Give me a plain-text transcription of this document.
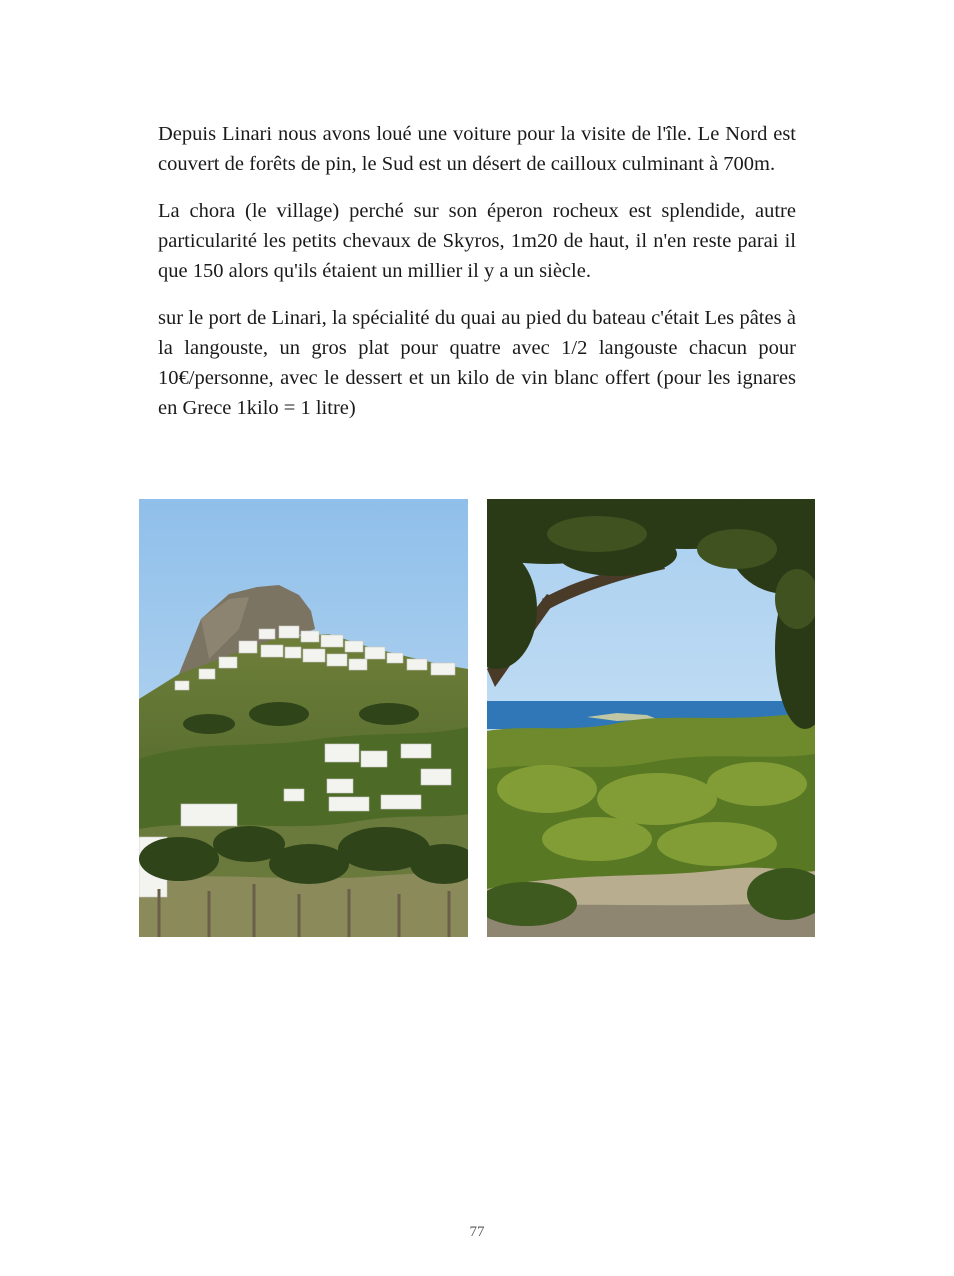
Depuis Linari nous avons loué une voiture pour la visite de l'île. Le Nord est couvert de forêts de pin, le Sud est un désert de cailloux culminant à 700m.

La chora (le village) perché sur son éperon rocheux est splendide, autre particularité les petits chevaux de Skyros, 1m20 de haut, il n'en reste parai il que 150 alors qu'ils étaient un millier il y a un siècle.

sur le port de Linari, la spécialité du quai au pied du bateau c'était Les pâtes à la langouste, un gros plat pour quatre avec 1/2 langouste chacun pour 10€/personne, avec le dessert et un kilo de vin blanc offert (pour les ignares en Grece 1kilo = 1 litre)

77
